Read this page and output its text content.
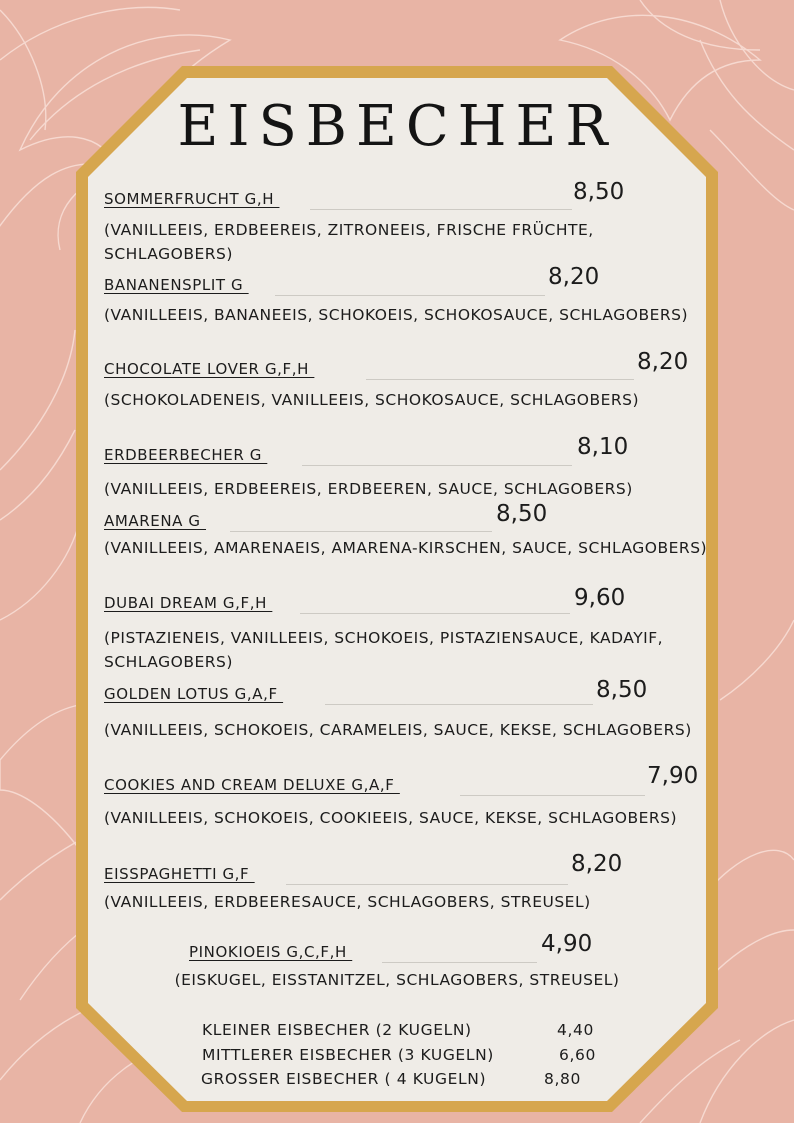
EISBECHER
SOMMERFRUCHT G,H	8,50
(VANILLEEIS, ERDBEEREIS, ZITRONEEIS, FRISCHE FRÜCHTE, SCHLAGOBERS)
BANANENSPLIT G	8,20
(VANILLEEIS, BANANEEIS, SCHOKOEIS, SCHOKOSAUCE, SCHLAGOBERS)
CHOCOLATE LOVER G,F,H	8,20
(SCHOKOLADENEIS, VANILLEEIS, SCHOKOSAUCE, SCHLAGOBERS)
ERDBEERBECHER G	8,10
(VANILLEEIS, ERDBEEREIS, ERDBEEREN, SAUCE, SCHLAGOBERS)
AMARENA G	8,50
(VANILLEEIS, AMARENAEIS, AMARENA-KIRSCHEN, SAUCE, SCHLAGOBERS)
DUBAI DREAM G,F,H	9,60
(PISTAZIENEIS, VANILLEEIS, SCHOKOEIS, PISTAZIENSAUCE, KADAYIF, SCHLAGOBERS)
GOLDEN LOTUS G,A,F	8,50
(VANILLEEIS, SCHOKOEIS, CARAMELEIS, SAUCE, KEKSE, SCHLAGOBERS)
COOKIES AND CREAM DELUXE G,A,F	7,90
(VANILLEEIS, SCHOKOEIS, COOKIEEIS, SAUCE, KEKSE, SCHLAGOBERS)
EISSPAGHETTI G,F	8,20
(VANILLEEIS, ERDBEERESAUCE, SCHLAGOBERS, STREUSEL)
PINOKIOEIS G,C,F,H	4,90
(EISKUGEL, EISSTANITZEL, SCHLAGOBERS, STREUSEL)
KLEINER EISBECHER (2 KUGELN)	4,40
MITTLERER EISBECHER (3 KUGELN)	6,60
GROSSER EISBECHER ( 4 KUGELN)	8,80
